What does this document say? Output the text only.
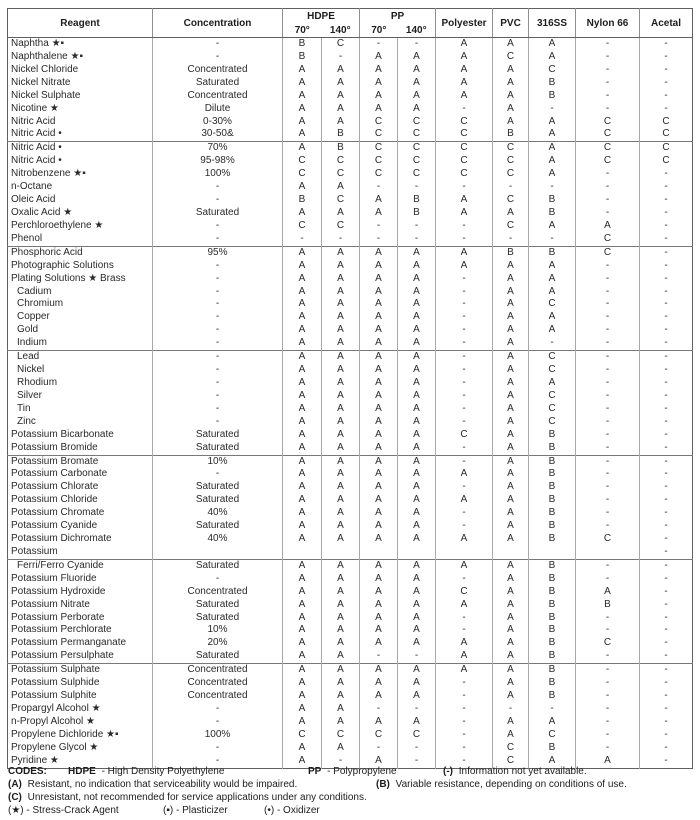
Reagent	Concentration	HDPE		PP		Polyester	PVC	316SS	Nylon 66	Acetal
		70°	140°	70°	140°					
Naphtha ★▪	-	B	C	-	-	A	A	A	-	-
Naphthalene ★▪	-	B	-	A	A	A	C	A	-	-
Nickel Chloride	Concentrated	A	A	A	A	A	A	C	-	-
Nickel Nitrate	Saturated	A	A	A	A	A	A	B	-	-
Nickel Sulphate	Concentrated	A	A	A	A	A	A	B	-	-
Nicotine ★	Dilute	A	A	A	A	-	A	-	-	-
Nitric Acid	0-30%	A	A	C	C	C	A	A	C	C
Nitric Acid •	30-50&	A	B	C	C	C	B	A	C	C
Nitric Acid •	70%	A	B	C	C	C	C	A	C	C
Nitric Acid •	95-98%	C	C	C	C	C	C	A	C	C
Nitrobenzene ★▪	100%	C	C	C	C	C	C	A	-	-
n-Octane	-	A	A	-	-	-	-	-	-	-
Oleic Acid	-	B	C	A	B	A	C	B	-	-
Oxalic Acid ★	Saturated	A	A	A	B	A	A	B	-	-
Perchloroethylene ★	-	C	C	-	-	-	C	A	A	-
Phenol	-	-	-	-	-	-	-	-	C	-
Phosphoric Acid	95%	A	A	A	A	A	B	B	C	-
Photographic Solutions	-	A	A	A	A	A	A	A	-	-
Plating Solutions ★ Brass	-	A	A	A	A	-	A	A	-	-
Cadium	-	A	A	A	A	-	A	A	-	-
Chromium	-	A	A	A	A	-	A	C	-	-
Copper	-	A	A	A	A	-	A	A	-	-
Gold	-	A	A	A	A	-	A	A	-	-
Indium	-	A	A	A	A	-	A	-	-	-
Lead	-	A	A	A	A	-	A	C	-	-
Nickel	-	A	A	A	A	-	A	C	-	-
Rhodium	-	A	A	A	A	-	A	A	-	-
Silver	-	A	A	A	A	-	A	C	-	-
Tin	-	A	A	A	A	-	A	C	-	-
Zinc	-	A	A	A	A	-	A	C	-	-
Potassium Bicarbonate	Saturated	A	A	A	A	C	A	B	-	-
Potassium Bromide	Saturated	A	A	A	A	-	A	B	-	-
Potassium Bromate	10%	A	A	A	A	-	A	B	-	-
Potassium Carbonate	-	A	A	A	A	A	A	B	-	-
Potassium Chlorate	Saturated	A	A	A	A	-	A	B	-	-
Potassium Chloride	Saturated	A	A	A	A	A	A	B	-	-
Potassium Chromate	40%	A	A	A	A	-	A	B	-	-
Potassium Cyanide	Saturated	A	A	A	A	-	A	B	-	-
Potassium Dichromate	40%	A	A	A	A	A	A	B	C	-
Potassium										-
Ferri/Ferro Cyanide	Saturated	A	A	A	A	A	A	B	-	-
Potassium Fluoride	-	A	A	A	A	-	A	B	-	-
Potassium Hydroxide	Concentrated	A	A	A	A	C	A	B	A	-
Potassium Nitrate	Saturated	A	A	A	A	A	A	B	B	-
Potassium Perborate	Saturated	A	A	A	A	-	A	B	-	-
Potassium Perchlorate	10%	A	A	A	A	-	A	B	-	-
Potassium Permanganate	20%	A	A	A	A	A	A	B	C	-
Potassium Persulphate	Saturated	A	A	-	-	A	A	B	-	-
Potassium Sulphate	Concentrated	A	A	A	A	A	A	B	-	-
Potassium Sulphide	Concentrated	A	A	A	A	-	A	B	-	-
Potassium Sulphite	Concentrated	A	A	A	A	-	A	B	-	-
Propargyl Alcohol ★	-	A	A	-	-	-	-	-	-	-
n-Propyl Alcohol ★	-	A	A	A	A	-	A	A	-	-
Propylene Dichloride ★▪	100%	C	C	C	C	-	A	C	-	-
Propylene Glycol ★	-	A	A	-	-	-	C	B	-	-
Pyridine ★	-	A	-	A	-	-	C	A	A	-
CODES:	HDPE - High Density Polyethylene	PP - Polypropylene	(-) Information not yet available.
(A) Resistant, no indication that serviceability would be impaired.	(B) Variable resistance, depending on conditions of use.
(C) Unresistant, not recommended for service applications under any conditions.
(★) - Stress-Crack Agent	(▪) - Plasticizer	(•) - Oxidizer
